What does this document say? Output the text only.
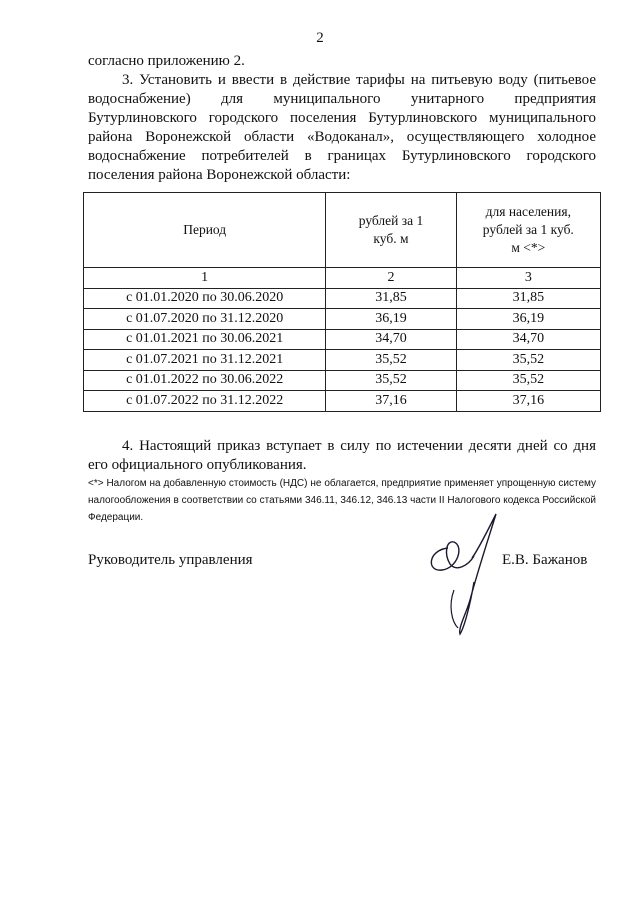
2

согласно приложению 2.

3. Установить и ввести в действие тарифы на питьевую воду (питьевое водоснабжение) для муниципального унитарного предприятия Бутурлиновского городского поселения Бутурлиновского муниципального района Воронежской области «Водоканал», осуществляющего холодное водоснабжение потребителей в границах Бутурлиновского городского поселения района Воронежской области:

Период	рублей за 1 куб. м	для населения, рублей за 1 куб. м <*>

1	2	3
с 01.01.2020 по 30.06.2020	31,85	31,85
с 01.07.2020 по 31.12.2020	36,19	36,19
с 01.01.2021 по 30.06.2021	34,70	34,70
с 01.07.2021 по 31.12.2021	35,52	35,52
с 01.01.2022 по 30.06.2022	35,52	35,52
с 01.07.2022 по 31.12.2022	37,16	37,16

4. Настоящий приказ вступает в силу по истечении десяти дней со дня его официального опубликования.

<*> Налогом на добавленную стоимость (НДС) не облагается, предприятие применяет упрощенную систему налогообложения в соответствии со статьями 346.11, 346.12, 346.13 части II Налогового кодекса Российской Федерации.

Руководитель управления	Е.В. Бажанов
